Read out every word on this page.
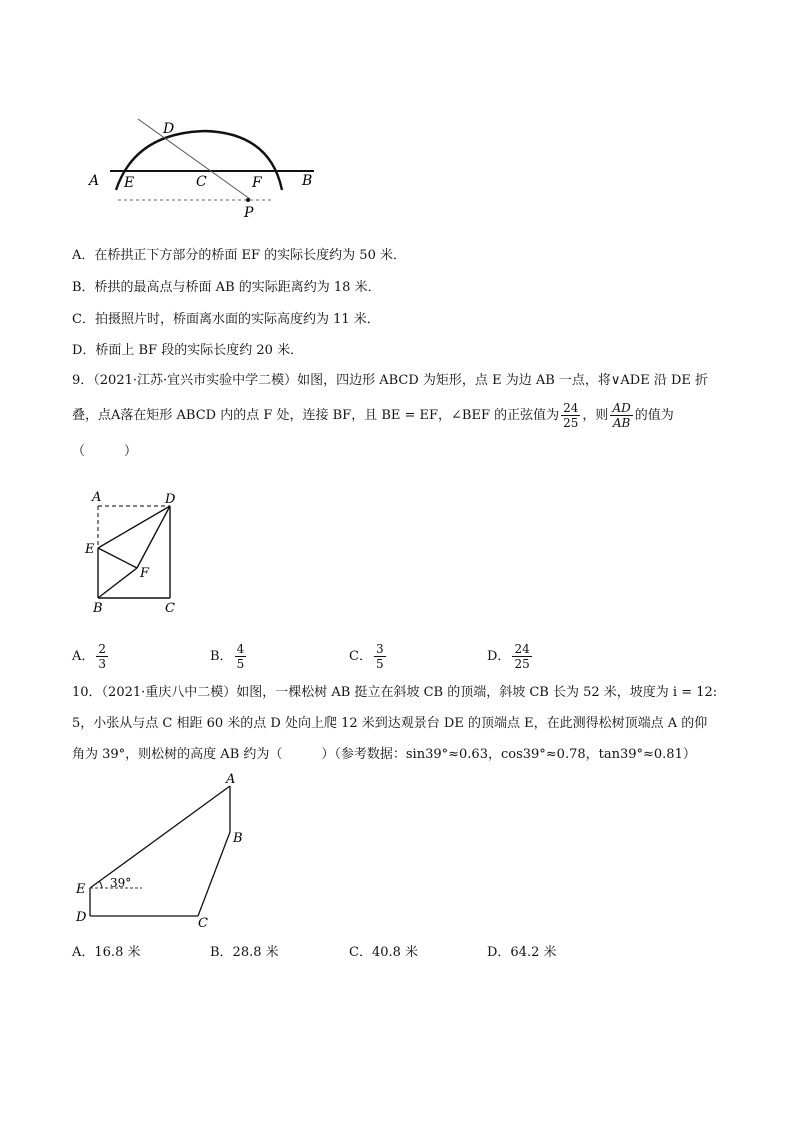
D
A E	C	F	B
P
A．在桥拱正下方部分的桥面 EF 的实际长度约为 50 米．
B．桥拱的最高点与桥面 AB 的实际距离约为 18 米．
C．拍摄照片时，桥面离水面的实际高度约为 11 米．
D．桥面上 BF 段的实际长度约 20 米．
9．（2021·江苏·宜兴市实验中学二模）如图，四边形 ABCD 为矩形，点 E 为边 AB 一点，将∨ADE 沿 DE 折
叠，点A落在矩形 ABCD 内的点 F 处，连接 BF，且 BE = EF，∠BEF 的正弦值为 $\frac{24}{25}$ ，则 $\frac{AD}{AB}$ 的值为
（　　　）
A	D
E
F
B	C
A． $\frac{2}{3}$	B． $\frac{4}{5}$	C． $\frac{3}{5}$	D． $\frac{24}{25}$
10．（2021·重庆八中二模）如图，一棵松树 AB 挺立在斜坡 CB 的顶端，斜坡 CB 长为 52 米，坡度为 i = 12:
5，小张从与点 C 相距 60 米的点 D 处向上爬 12 米到达观景台 DE 的顶端点 E，在此测得松树顶端点 A 的仰
角为 39°，则松树的高度 AB 约为（　　　）（参考数据：sin39°≈0.63，cos39°≈0.78，tan39°≈0.81）
39°
A
B
E
D	C
A．16.8 米	B．28.8 米	C．40.8 米	D．64.2 米
